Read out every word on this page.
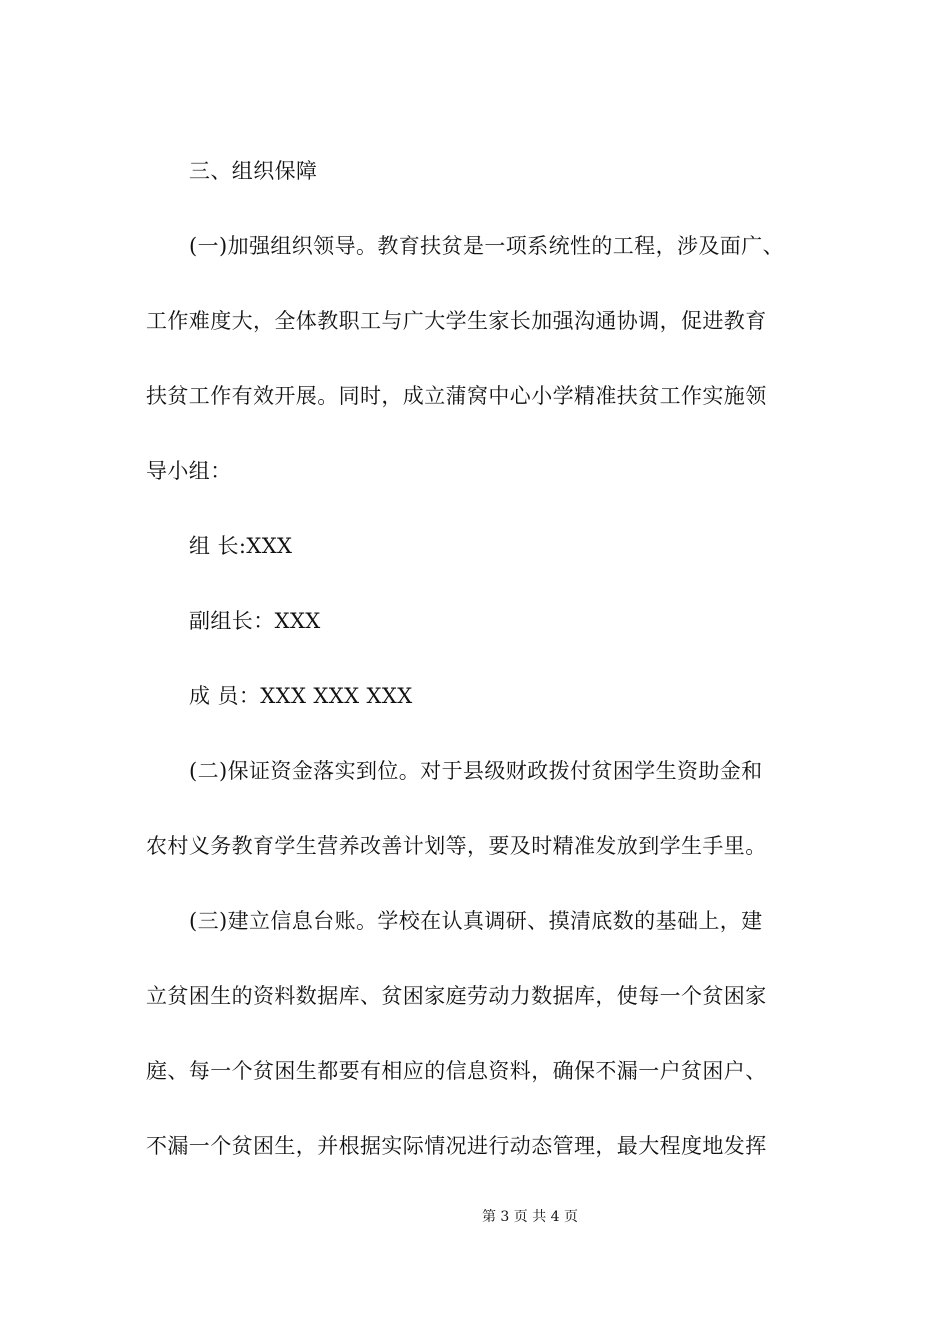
三、组织保障
(一)加强组织领导。教育扶贫是一项系统性的工程，涉及面广、
工作难度大，全体教职工与广大学生家长加强沟通协调，促进教育
扶贫工作有效开展。同时，成立蒲窝中心小学精准扶贫工作实施领
导小组：
组 长:XXX
副组长：XXX
成 员：XXX XXX XXX
(二)保证资金落实到位。对于县级财政拨付贫困学生资助金和
农村义务教育学生营养改善计划等，要及时精准发放到学生手里。
(三)建立信息台账。学校在认真调研、摸清底数的基础上，建
立贫困生的资料数据库、贫困家庭劳动力数据库，使每一个贫困家
庭、每一个贫困生都要有相应的信息资料，确保不漏一户贫困户、
不漏一个贫困生，并根据实际情况进行动态管理，最大程度地发挥
第 3 页 共 4 页
